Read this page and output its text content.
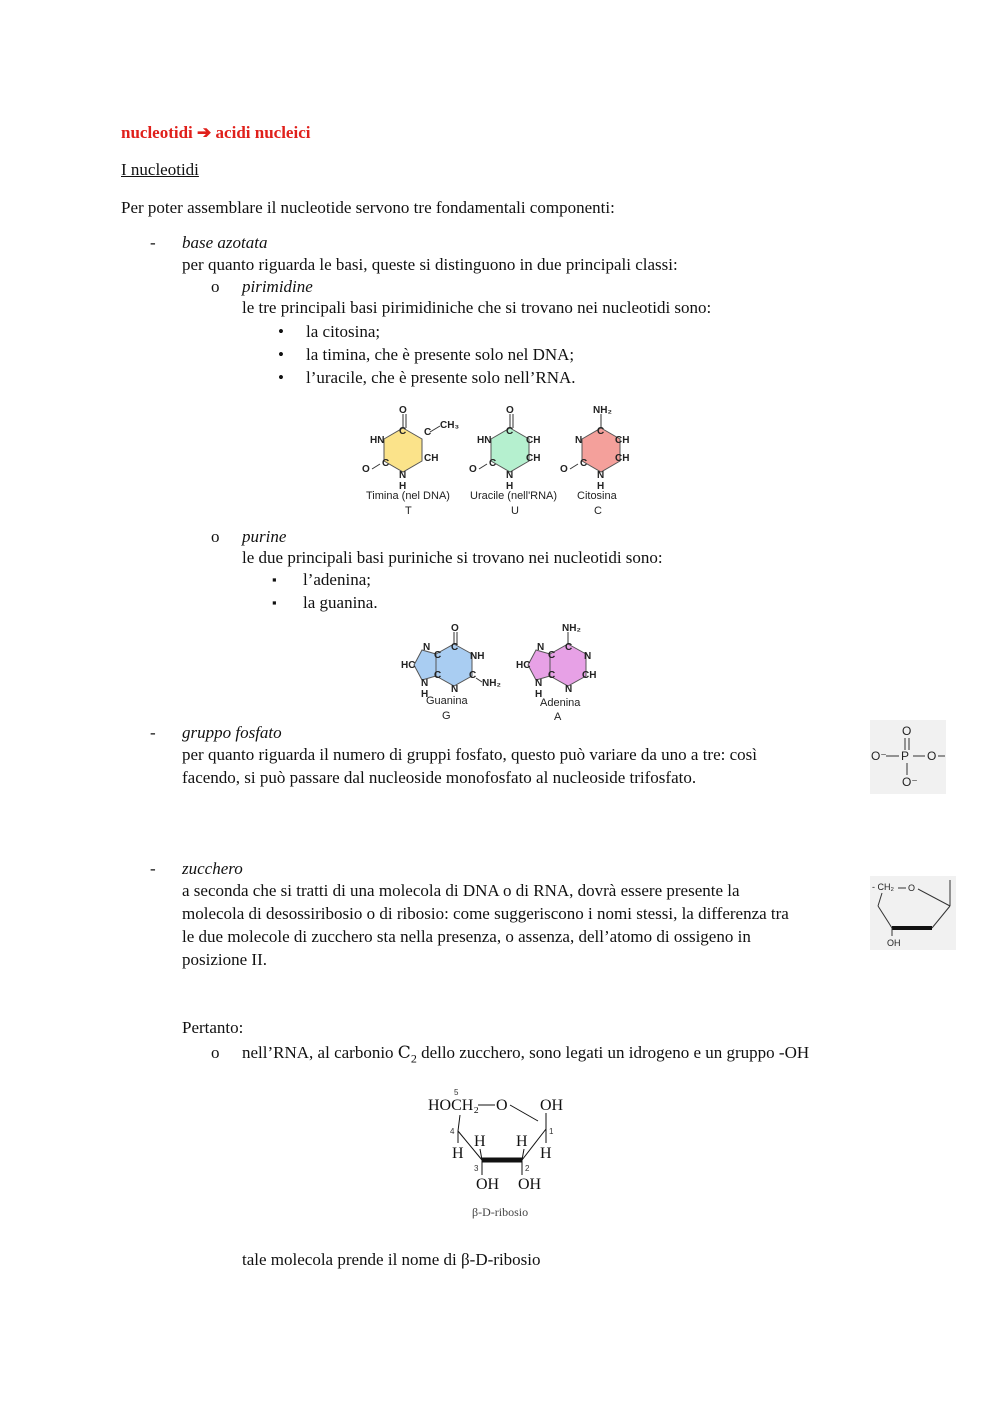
nucleotidi ➔ acidi nucleici
I nucleotidi
Per poter assemblare il nucleotide servono tre fondamentali componenti:
- base azotata
per quanto riguarda le basi, queste si distinguono in due principali classi:
o pirimidine
le tre principali basi pirimidiniche che si trovano nei nucleotidi sono:
• la citosina;
• la timina, che è presente solo nel DNA;
• l’uracile, che è presente solo nell’RNA.
O
C C
CH₃
HN
CH
C
O
N
H
Timina (nel DNA)
T
O
C
HN	CH
CH
C
O
N
H
Uracile (nell'RNA)
U
NH₂
C
N	CH
CH
C
O
N
H
Citosina
C
o purine
le due principali basi puriniche si trovano nei nucleotidi sono:
▪ l’adenina;
▪ la guanina.
O
C
N
C	NH
HC
C	C
NH₂
N
N
H
Guanina
G
NH₂
C
N
C	N
HC
C	CH
N
N
H
Adenina
A
- gruppo fosfato
per quanto riguarda il numero di gruppi fosfato, questo può variare da uno a tre: così
facendo, si può passare dal nucleoside monofosfato al nucleoside trifosfato.
O
O⁻ P O
O⁻
- zucchero
a seconda che si tratti di una molecola di DNA o di RNA, dovrà essere presente la
molecola di desossiribosio o di ribosio: come suggeriscono i nomi stessi, la differenza tra
le due molecole di zucchero sta nella presenza, o assenza, dell’atomo di ossigeno in
posizione II.
- CH₂ O
OH
Pertanto:
o nell’RNA, al carbonio $C_2$ dello zucchero, sono legati un idrogeno e un gruppo -OH
5
HOCH₂ O OH
4	1
H H
H	H
3	2
OH OH
β-D-ribosio
tale molecola prende il nome di β-D-ribosio
